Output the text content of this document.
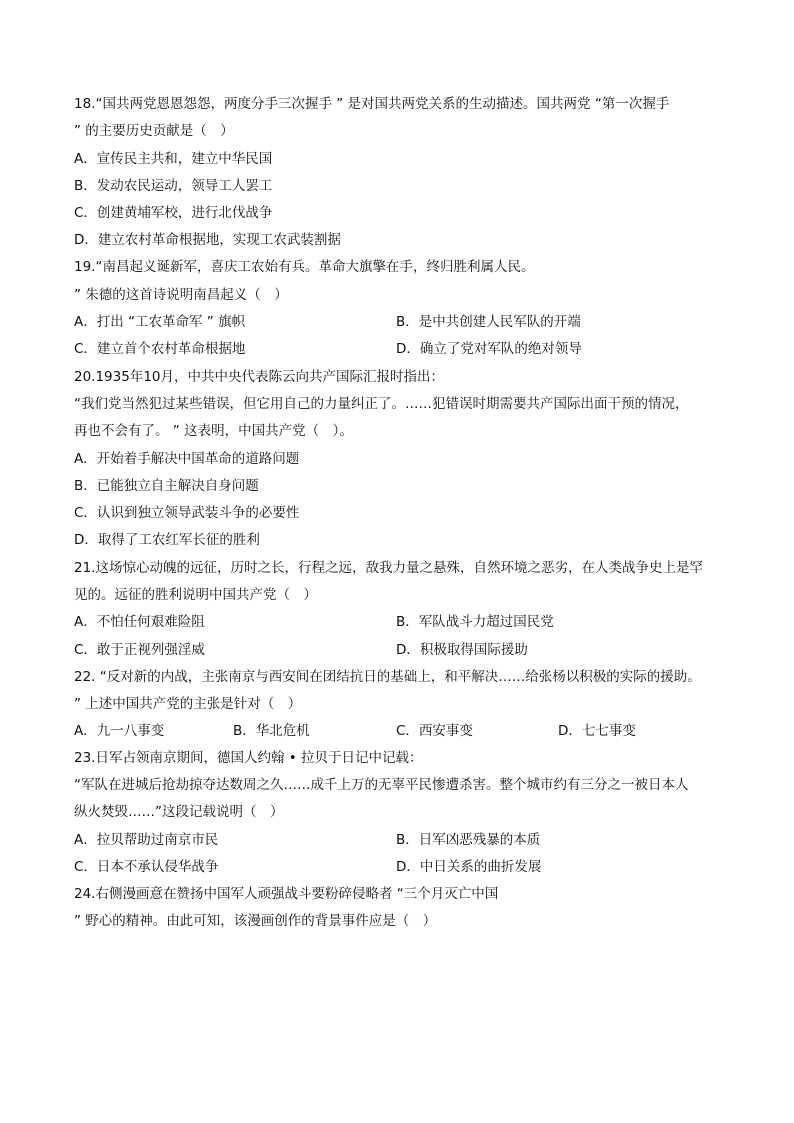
18.“国共两党恩恩怨怨，两度分手三次握手 ” 是对国共两党关系的生动描述。国共两党 “第一次握手
” 的主要历史贡献是（　）
A．宣传民主共和，建立中华民国
B．发动农民运动，领导工人罢工
C．创建黄埔军校，进行北伐战争
D．建立农村革命根据地，实现工农武装割据
19.“南昌起义诞新军，喜庆工农始有兵。革命大旗擎在手，终归胜利属人民。
” 朱德的这首诗说明南昌起义（　）
A．打出 “工农革命军 ” 旗帜	B．是中共创建人民军队的开端
C．建立首个农村革命根据地	D．确立了党对军队的绝对领导
20.1935年10月，中共中央代表陈云向共产国际汇报时指出：
“我们党当然犯过某些错误，但它用自己的力量纠正了。……犯错误时期需要共产国际出面干预的情况，
再也不会有了。 ” 这表明，中国共产党（　）。
A．开始着手解决中国革命的道路问题
B．已能独立自主解决自身问题
C．认识到独立领导武装斗争的必要性
D．取得了工农红军长征的胜利
21.这场惊心动魄的远征，历时之长，行程之远，敌我力量之悬殊，自然环境之恶劣，在人类战争史上是罕
见的。远征的胜利说明中国共产党（　）
A．不怕任何艰难险阻	B．军队战斗力超过国民党
C．敢于正视列强淫威	D．积极取得国际援助
22. “反对新的内战，主张南京与西安间在团结抗日的基础上，和平解决……给张杨以积极的实际的援助。
” 上述中国共产党的主张是针对（　）
A．九一八事变	B．华北危机	C．西安事变	D．七七事变
23.日军占领南京期间，德国人约翰 • 拉贝于日记中记载：
“军队在进城后抢劫掠夺达数周之久……成千上万的无辜平民惨遭杀害。整个城市约有三分之一被日本人
纵火焚毁……”这段记载说明（　）
A．拉贝帮助过南京市民	B．日军凶恶残暴的本质
C．日本不承认侵华战争	D．中日关系的曲折发展
24.右侧漫画意在赞扬中国军人顽强战斗要粉碎侵略者 “三个月灭亡中国
” 野心的精神。由此可知，该漫画创作的背景事件应是（　）
